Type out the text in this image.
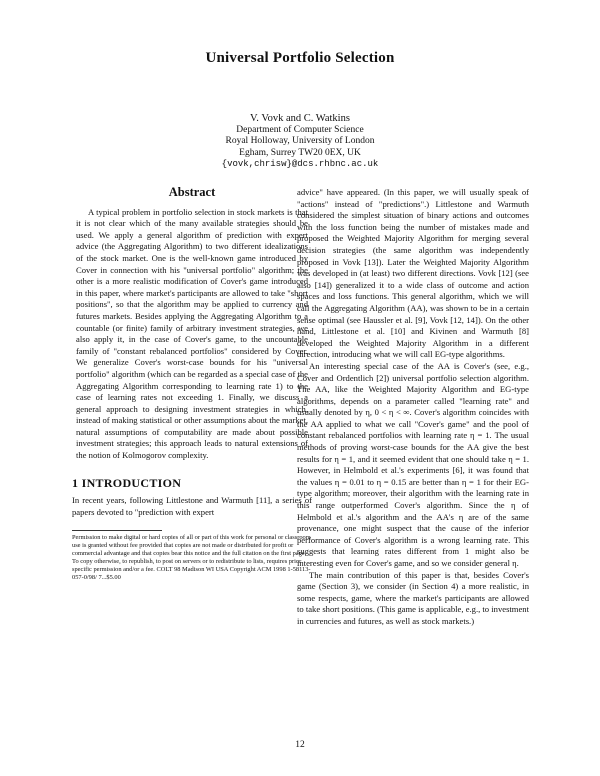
Universal Portfolio Selection
V. Vovk and C. Watkins
Department of Computer Science
Royal Holloway, University of London
Egham, Surrey TW20 0EX, UK
{vovk,chrisw}@dcs.rhbnc.ac.uk
Abstract

A typical problem in portfolio selection in stock markets is that it is not clear which of the many available strategies should be used. We apply a general algorithm of prediction with expert advice (the Aggregating Algorithm) to two different idealizations of the stock market. One is the well-known game introduced by Cover in connection with his "universal portfolio" algorithm; the other is a more realistic modification of Cover's game introduced in this paper, where market's participants are allowed to take "short positions", so that the algorithm may be applied to currency and futures markets. Besides applying the Aggregating Algorithm to a countable (or finite) family of arbitrary investment strategies, we also apply it, in the case of Cover's game, to the uncountable family of "constant rebalanced portfolios" considered by Cover. We generalize Cover's worst-case bounds for his "universal portfolio" algorithm (which can be regarded as a special case of the Aggregating Algorithm corresponding to learning rate 1) to the case of learning rates not exceeding 1. Finally, we discuss a general approach to designing investment strategies in which, instead of making statistical or other assumptions about the market, natural assumptions of computability are made about possible investment strategies; this approach leads to natural extensions of the notion of Kolmogorov complexity.

1 INTRODUCTION

In recent years, following Littlestone and Warmuth [11], a series of papers devoted to "prediction with expert

Permission to make digital or hard copies of all or part of this work for personal or classroom use is granted without fee provided that copies are not made or distributed for profit or commercial advantage and that copies bear this notice and the full citation on the first page. To copy otherwise, to republish, to post on servers or to redistribute to lists, requires prior specific permission and/or a fee. COLT 98 Madison WI USA Copyright ACM 1998 1-58113-057-0/98/ 7...$5.00

advice" have appeared. (In this paper, we will usually speak of "actions" instead of "predictions".) Littlestone and Warmuth considered the simplest situation of binary actions and outcomes with the loss function being the number of mistakes made and proposed the Weighted Majority Algorithm for merging several decision strategies (the same algorithm was independently proposed in Vovk [13]). Later the Weighted Majority Algorithm was developed in (at least) two different directions. Vovk [12] (see also [14]) generalized it to a wide class of outcome and action spaces and loss functions. This general algorithm, which we will call the Aggregating Algorithm (AA), was shown to be in a certain sense optimal (see Haussler et al. [9], Vovk [12, 14]). On the other hand, Littlestone et al. [10] and Kivinen and Warmuth [8] developed the Weighted Majority Algorithm in a different direction, introducing what we will call EG-type algorithms.

An interesting special case of the AA is Cover's (see, e.g., Cover and Ordentlich [2]) universal portfolio selection algorithm. The AA, like the Weighted Majority Algorithm and EG-type algorithms, depends on a parameter called "learning rate" and usually denoted by η, 0 < η < ∞. Cover's algorithm coincides with the AA applied to what we call "Cover's game" and the pool of constant rebalanced portfolios with learning rate η = 1. The usual methods of proving worst-case bounds for the AA give the best results for η = 1, and it seemed evident that one should take η = 1. However, in Helmbold et al.'s experiments [6], it was found that the values η = 0.01 to η = 0.15 are better than η = 1 for their EG-type algorithm; moreover, their algorithm with the learning rate in this range outperformed Cover's algorithm. Since the η of Helmbold et al.'s algorithm and the AA's η are of the same provenance, one might suspect that the cause of the inferior performance of Cover's algorithm is a wrong learning rate. This suggests that learning rates different from 1 might also be interesting even for Cover's game, and so we consider general η.

The main contribution of this paper is that, besides Cover's game (Section 3), we consider (in Section 4) a more realistic, in some respects, game, where the market's participants are allowed to take short positions. (This game is applicable, e.g., to investment in currencies and futures, as well as stock markets.)

12
